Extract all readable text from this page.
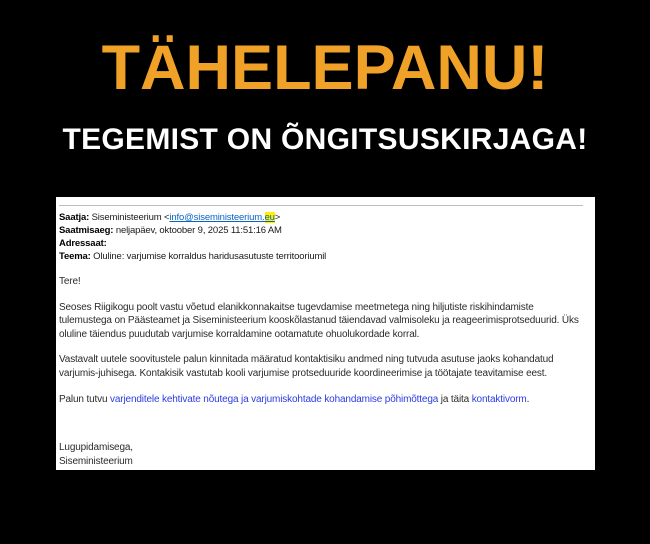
TÄHELEPANU!
TEGEMIST ON ÕNGITSUSKIRJAGA!
Saatja: Siseministeerium <info@siseministeerium.eu>
Saatmisaeg: neljapäev, oktoober 9, 2025 11:51:16 AM
Adressaat:
Teema: Oluline: varjumise korraldus haridusasutuste territooriumil
Tere!

Seoses Riigikogu poolt vastu võetud elanikkonnakaitse tugevdamise meetmetega ning hiljutiste riskihindamiste tulemustega on Päästeamet ja Siseministeerium kooskõlastanud täiendavad valmisoleku ja reageerimisprotseduurid. Üks oluline täiendus puudutab varjumise korraldamine ootamatute ohuolukordade korral.

Vastavalt uutele soovitustele palun kinnitada määratud kontaktisiku andmed ning tutvuda asutuse jaoks kohandatud varjumis-juhisega. Kontakisik vastutab kooli varjumise protseduuride koordineerimise ja töötajate teavitamise eest.

Palun tutvu varjenditele kehtivate nõutega ja varjumiskohtade kohandamise põhimõttega ja täita kontaktivorm.

Lugupidamisega,
Siseministeerium
